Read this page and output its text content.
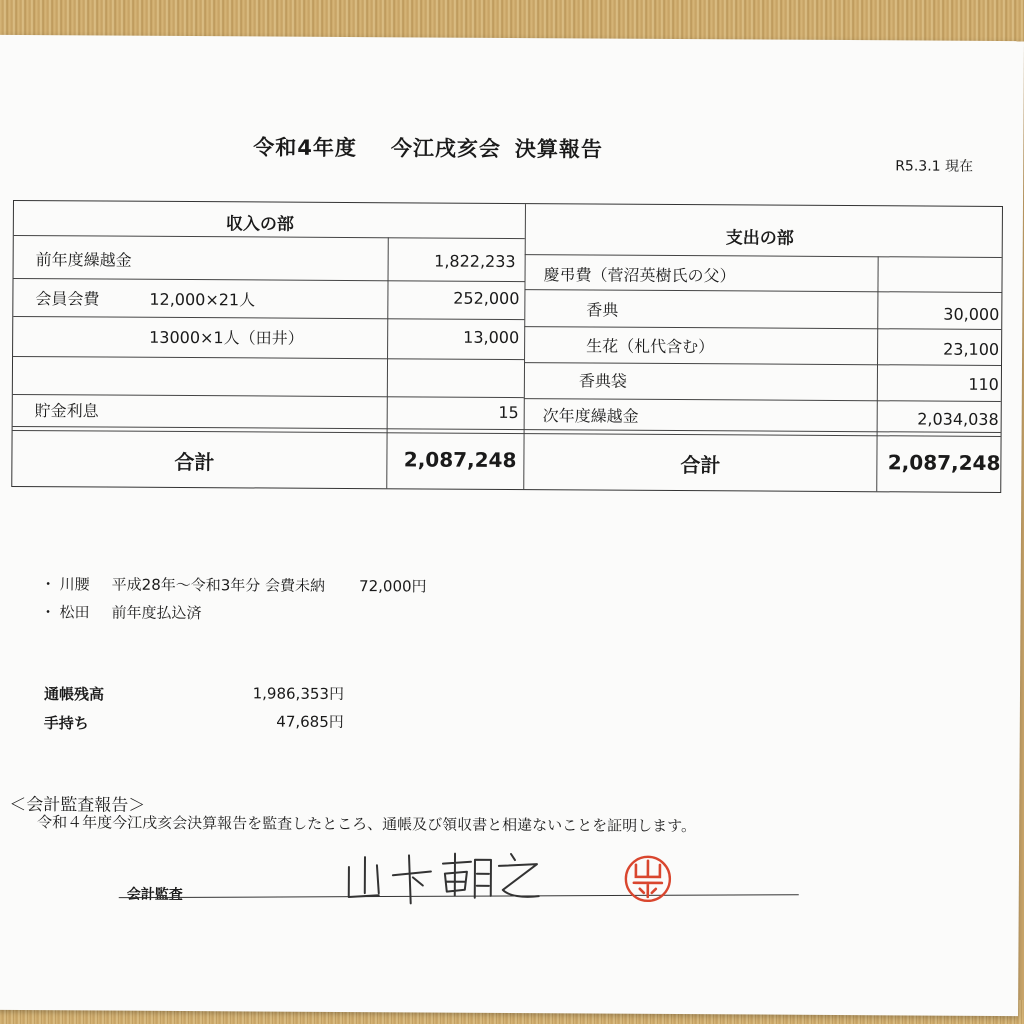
令和4年度 今江戌亥会 決算報告
R5.3.1 現在
収入の部
支出の部
前年度繰越金	1,822,233
会員会費	12,000×21人	252,000
13000×1人（田井）	13,000
貯金利息	15
慶弔費（菅沼英樹氏の父）
香典	30,000
生花（札代含む）	23,100
香典袋	110
次年度繰越金	2,034,038
合計	2,087,248	合計	2,087,248
・ 川腰 平成28年～令和3年分 会費未納 72,000円
・ 松田 前年度払込済
通帳残高	1,986,353円
手持ち	47,685円
＜会計監査報告＞
令和４年度今江戌亥会決算報告を監査したところ、通帳及び領収書と相違ないことを証明します。
会計監査
